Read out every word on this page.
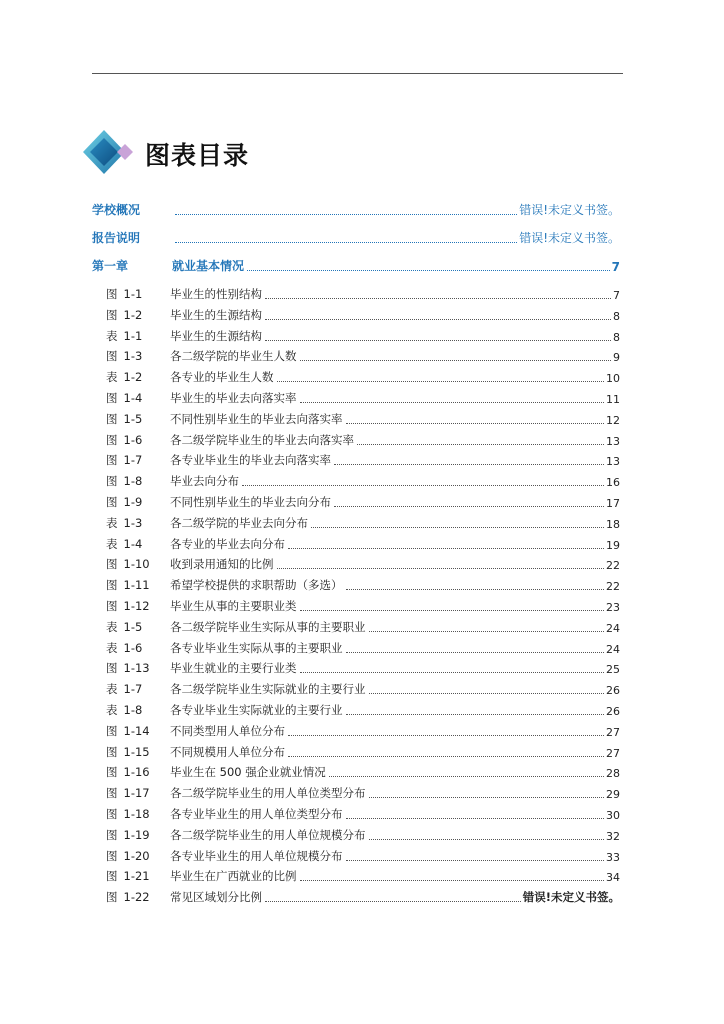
图表目录
学校概况	错误!未定义书签。
报告说明	错误!未定义书签。
第一章	就业基本情况	7
图 1-1	毕业生的性别结构	7
图 1-2	毕业生的生源结构	8
表 1-1	毕业生的生源结构	8
图 1-3	各二级学院的毕业生人数	9
表 1-2	各专业的毕业生人数	10
图 1-4	毕业生的毕业去向落实率	11
图 1-5	不同性别毕业生的毕业去向落实率	12
图 1-6	各二级学院毕业生的毕业去向落实率	13
图 1-7	各专业毕业生的毕业去向落实率	13
图 1-8	毕业去向分布	16
图 1-9	不同性别毕业生的毕业去向分布	17
表 1-3	各二级学院的毕业去向分布	18
表 1-4	各专业的毕业去向分布	19
图 1-10	收到录用通知的比例	22
图 1-11	希望学校提供的求职帮助（多选）	22
图 1-12	毕业生从事的主要职业类	23
表 1-5	各二级学院毕业生实际从事的主要职业	24
表 1-6	各专业毕业生实际从事的主要职业	24
图 1-13	毕业生就业的主要行业类	25
表 1-7	各二级学院毕业生实际就业的主要行业	26
表 1-8	各专业毕业生实际就业的主要行业	26
图 1-14	不同类型用人单位分布	27
图 1-15	不同规模用人单位分布	27
图 1-16	毕业生在 500 强企业就业情况	28
图 1-17	各二级学院毕业生的用人单位类型分布	29
图 1-18	各专业毕业生的用人单位类型分布	30
图 1-19	各二级学院毕业生的用人单位规模分布	32
图 1-20	各专业毕业生的用人单位规模分布	33
图 1-21	毕业生在广西就业的比例	34
图 1-22	常见区域划分比例	错误!未定义书签。
